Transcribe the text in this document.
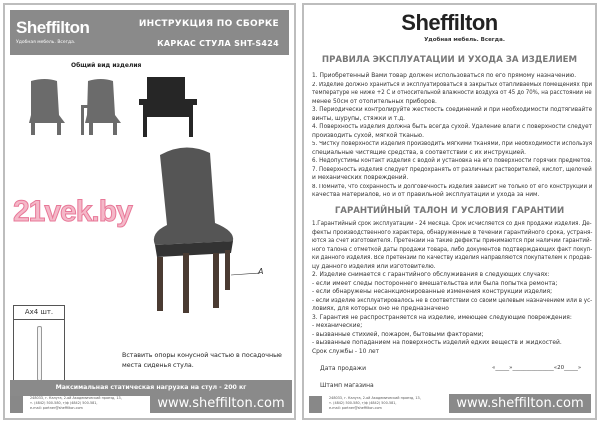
Sheffilton
Удобная мебель. Всегда.
ИНСТРУКЦИЯ ПО СБОРКЕ
КАРКАС СТУЛА SHT-S424
Общий вид изделия
A
21vek.by
Ax4 шт.
Вставить опоры конусной частью в посадочные места сиденья стула.
Максимальная статическая нагрузка на стул - 200 кг
248033, г. Калуга, 2-ой Академический проезд, 13,
т. (4842) 500-580, т/ф (4842) 500-581,
e-mail: partner@sheffilton.com	www.sheffilton.com
Sheffilton
Удобная мебель. Всегда.
ПРАВИЛА ЭКСПЛУАТАЦИИ И УХОДА ЗА ИЗДЕЛИЕМ
1. Приобретенный Вами товар должен использоваться по его прямому назначению.
2. Изделие должно храниться и эксплуатироваться в закрытых отапливаемых помещениях при
температуре не ниже +2 С и относительной влажности воздуха от 45 до 70%, на расстоянии не
менее 50см от отопительных приборов.
3. Периодически контролируйте жесткость соединений и при необходимости подтягивайте
винты, шурупы, стяжки и т.д.
4. Поверхность изделия должна быть всегда сухой. Удаление влаги с поверхности следует
производить сухой, мягкой тканью.
5. Чистку поверхности изделия производить мягкими тканями, при необходимости используя
специальные чистящие средства, в соответствии с их инструкцией.
6. Недопустимы контакт изделия с водой и установка на его поверхности горячих предметов.
7. Поверхность изделия следует предохранять от различных растворителей, кислот, щелочей
и механических повреждений.
8. Помните, что сохранность и долговечность изделия зависит не только от его конструкции и
качества материалов, но и от правильной эксплуатации и ухода за ним.
ГАРАНТИЙНЫЙ ТАЛОН И УСЛОВИЯ ГАРАНТИИ
1.Гарантийный срок эксплуатации - 24 месяца. Срок исчисляется со дня продажи изделия. Де-
фекты производственного характера, обнаруженные в течении гарантийного срока, устраня-
ются за счет изготовителя. Претензии на такие дефекты принимаются при наличии гарантий-
ного талона с отметкой даты продажи товара, либо документов подтверждающих факт покуп-
ки данного изделия. Все претензии по качеству изделия направляются покупателем к продав-
цу данного изделия или изготовителю.
2. Изделие снимается с гарантийного обслуживания в следующих случаях:
- если имеет следы постороннего вмешательства или была попытка ремонта;
- если обнаружены несанкционированные изменения конструкции изделия;
- если изделие эксплуатировалось не в соответствии со своим целевым назначением или в ус-
ловиях, для которых оно не предназначено
3. Гарантия не распространяется на изделие, имеющее следующие повреждения:
- механические;
- вызванные стихией, пожаром, бытовыми факторами;
- вызванные попаданием на поверхность изделий едких веществ и жидкостей.
Срок службы - 10 лет
Дата продажи	«_____»_______________«20_____»
Штамп магазина
248033, г. Калуга, 2-ой Академический проезд, 13,
т. (4842) 500-580, т/ф (4842) 500-581,
e-mail: partner@sheffilton.com	www.sheffilton.com
